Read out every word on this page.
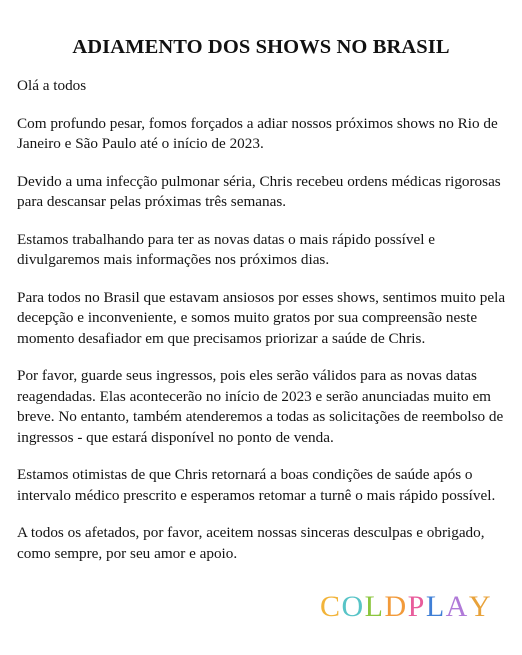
ADIAMENTO DOS SHOWS NO BRASIL

Olá a todos

Com profundo pesar, fomos forçados a adiar nossos próximos shows no Rio de Janeiro e São Paulo até o início de 2023.

Devido a uma infecção pulmonar séria, Chris recebeu ordens médicas rigorosas para descansar pelas próximas três semanas.

Estamos trabalhando para ter as novas datas o mais rápido possível e divulgaremos mais informações nos próximos dias.

Para todos no Brasil que estavam ansiosos por esses shows, sentimos muito pela decepção e inconveniente, e somos muito gratos por sua compreensão neste momento desafiador em que precisamos priorizar a saúde de Chris.

Por favor, guarde seus ingressos, pois eles serão válidos para as novas datas reagendadas. Elas acontecerão no início de 2023 e serão anunciadas muito em breve. No entanto, também atenderemos a todas as solicitações de reembolso de ingressos - que estará disponível no ponto de venda.

Estamos otimistas de que Chris retornará a boas condições de saúde após o intervalo médico prescrito e esperamos retomar a turnê o mais rápido possível.

A todos os afetados, por favor, aceitem nossas sinceras desculpas e obrigado, como sempre, por seu amor e apoio.

COLDPLAY
